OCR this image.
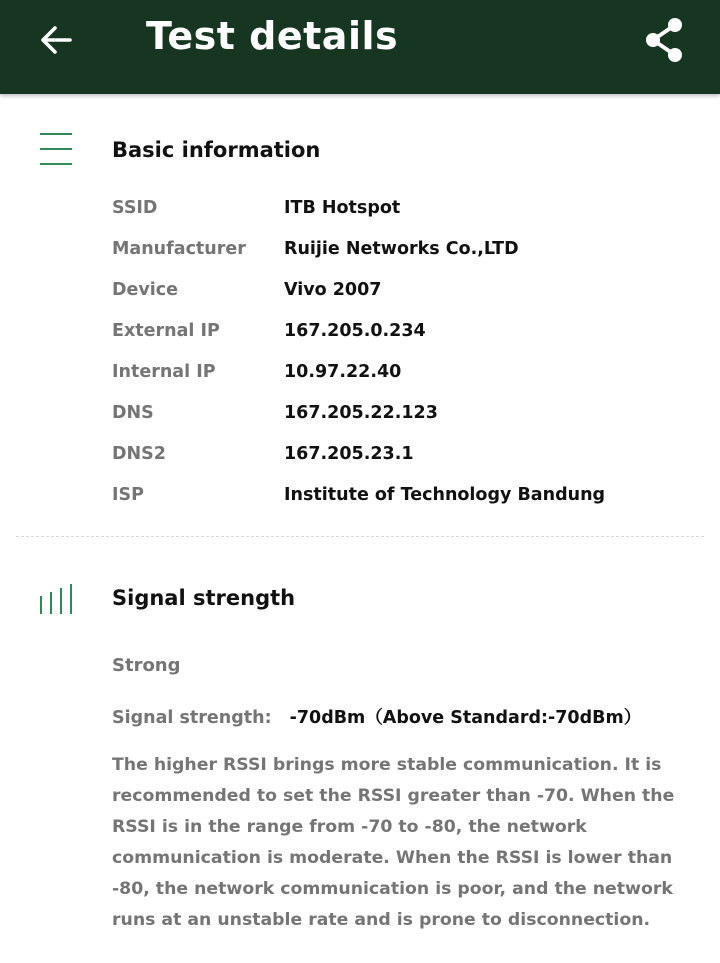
Test details
Basic information
SSID	ITB Hotspot
Manufacturer Ruijie Networks Co.,LTD
Device	Vivo 2007
External IP	167.205.0.234
Internal IP	10.97.22.40
DNS	167.205.22.123
DNS2	167.205.23.1
ISP	Institute of Technology Bandung
Signal strength
Strong
Signal strength: -70dBm（Above Standard:-70dBm）

The higher RSSI brings more stable communication. It is recommended to set the RSSI greater than -70. When the RSSI is in the range from -70 to -80, the network communication is moderate. When the RSSI is lower than -80, the network communication is poor, and the network runs at an unstable rate and is prone to disconnection.
